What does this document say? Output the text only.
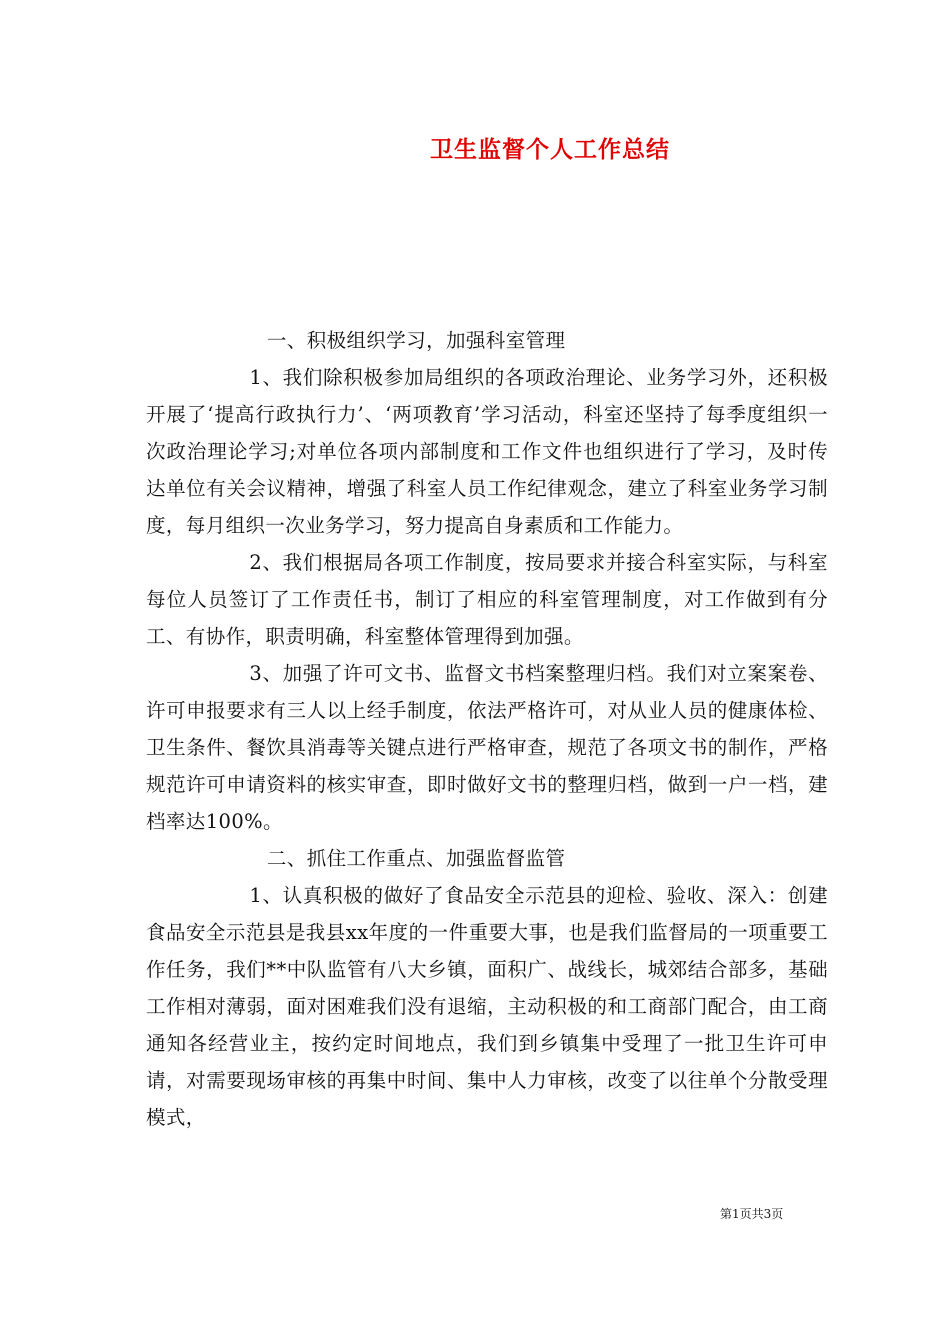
卫生监督个人工作总结

一、积极组织学习，加强科室管理

1、我们除积极参加局组织的各项政治理论、业务学习外，还积极开展了‘提高行政执行力’、‘两项教育’学习活动，科室还坚持了每季度组织一次政治理论学习;对单位各项内部制度和工作文件也组织进行了学习，及时传达单位有关会议精神，增强了科室人员工作纪律观念，建立了科室业务学习制度，每月组织一次业务学习，努力提高自身素质和工作能力。

2、我们根据局各项工作制度，按局要求并接合科室实际，与科室每位人员签订了工作责任书，制订了相应的科室管理制度，对工作做到有分工、有协作，职责明确，科室整体管理得到加强。

3、加强了许可文书、监督文书档案整理归档。我们对立案案卷、许可申报要求有三人以上经手制度，依法严格许可，对从业人员的健康体检、卫生条件、餐饮具消毒等关键点进行严格审查，规范了各项文书的制作，严格规范许可申请资料的核实审查，即时做好文书的整理归档，做到一户一档，建档率达100%。

二、抓住工作重点、加强监督监管

1、认真积极的做好了食品安全示范县的迎检、验收、深入：创建食品安全示范县是我县xx年度的一件重要大事，也是我们监督局的一项重要工作任务，我们**中队监管有八大乡镇，面积广、战线长，城郊结合部多，基础工作相对薄弱，面对困难我们没有退缩，主动积极的和工商部门配合，由工商通知各经营业主，按约定时间地点，我们到乡镇集中受理了一批卫生许可申请，对需要现场审核的再集中时间、集中人力审核，改变了以往单个分散受理模式，

第1页共3页
